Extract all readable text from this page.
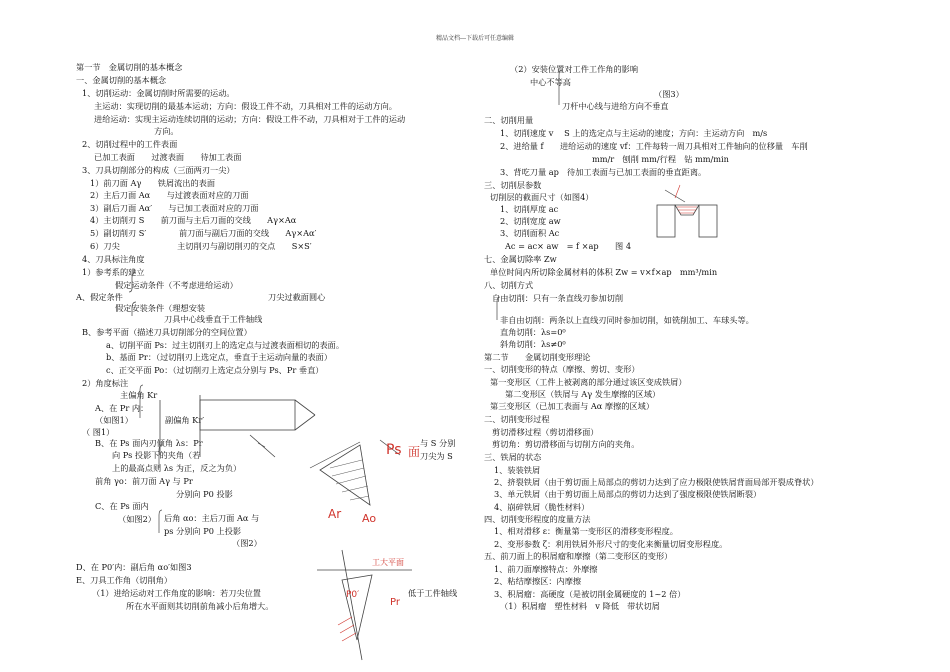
精品文档---下载后可任意编辑
第一节　金属切削的基本概念
一、金属切削的基本概念
1、切削运动：金属切削时所需要的运动。
主运动：实现切削的最基本运动；方向：假设工件不动，刀具相对工件的运动方向。
进给运动：实现主运动连续切削的运动；方向：假设工件不动，刀具相对于工件的运动
方向。
2、切削过程中的工件表面
已加工表面　　过渡表面　　待加工表面
3、刀具切削部分的构成（三面两刃一尖）
1）前刀面 Aγ　　铁屑流出的表面
2）主后刀面 Aα　　与过渡表面对应的刀面
3）副后刀面 Aα′　　与已加工表面对应的刀面
4）主切削刃 S　　前刀面与主后刀面的交线　　Aγ×Aα
5）副切削刃 S′　　　　前刀面与副后刀面的交线　　Aγ×Aα′
6）刀尖　　　　　　　主切削刃与副切削刃的交点　　S×S′
4、刀具标注角度
1）参考系的建立
假定运动条件（不考虑进给运动）
刀尖过截面圆心
A、假定条件
假定安装条件（理想安装
刀具中心线垂直于工件轴线
B、参考平面（描述刀具切削部分的空间位置）
a、切削平面 Ps：过主切削刃上的选定点与过渡表面相切的表面。
b、基面 Pr：（过切削刃上选定点，垂直于主运动向量的表面）
c、正交平面 Po：（过切削刃上选定点分别与 Ps、Pr 垂直）
2）角度标注
主偏角 Kr
A、在 Pr 内：
（如图1）	副偏角 Kr′
（ 图1）
B、在 Ps 面内刃倾角 λs：Pr	与 S 分别
向 Ps 投影下的夹角（若	刀尖为 S
上的最高点则 λs 为正，反之为负）
前角 γo：前刀面 Aγ 与 Pr
分别向 P0 投影
C、在 Ps 面内
后角 αo：主后刀面 Aα 与
（如图2）
ps 分别向 P0 上投影
（图2）
D、在 P0′内：副后角 αo′如图3
E、刀具工作角（切削角）
（1）进给运动对工作角度的影响：若刀尖位置	低于工件轴线
所在水平面则其切削前角减小后角增大。
（2）安装位置对工件工作角的影响
中心不等高
（图3）
刀杆中心线与进给方向不垂直
二、切削用量
1、切削速度 v　 S 上的选定点与主运动的速度；方向：主运动方向　m/s
2、进给量 f　　进给运动的速度 vf：工件每转一周刀具相对工件轴向的位移量　车削
mm/r　刨削 mm/行程　钻 mm/min
3、背吃刀量 ap　待加工表面与已加工表面的垂直距离。
三、切削层参数
切削层的截面尺寸（如图4）
1、切削厚度 ac
2、切削宽度 aw
3、切削面积 Ac
Ac = ac× aw　= f ×ap　　图 4
七、金属切除率 Zw
单位时间内所切除金属材料的体积 Zw = v×f×ap　mm³/min
八、切削方式
自由切削：只有一条直线刃参加切削
非自由切削：两条以上直线刃同时参加切削，如铣削加工、车球头等。
直角切削：λs=0⁰
斜角切削：λs≠0⁰
第二节　　金属切削变形理论
一、切削变形的特点（摩擦、剪切、变形）
第一变形区（工件上被剥离的部分通过该区变成铁屑）
第二变形区（铁屑与 Aγ 发生摩擦的区域）
第三变形区（已加工表面与 Aα 摩擦的区域）
二、切削变形过程
剪切滑移过程（剪切滑移面）
剪切角：剪切滑移面与切削方向的夹角。
三、铁屑的状态
1、装装铁屑
2、挤裂铁屑（由于剪切面上局部点的剪切力达到了应力极限使铁屑背面局部开裂成脊状）
3、单元铁屑（由于剪切面上局部点的剪切力达到了强度极限使铁屑断裂）
4、崩碎铁屑（脆性材料）
四、切削变形程度的度量方法
1、相对滑移 ε：衡量第一变形区的滑移变形程度。
2、变形参数 ζ：利用铁屑外形尺寸的变化来衡量切屑变形程度。
五、前刀面上的积屑瘤和摩擦（第二变形区的变形）
1、前刀面摩擦特点：外摩擦
2、粘结摩擦区：内摩擦
3、积屑瘤：高硬度（是被切削金属硬度的 1~2 倍）
（1）积屑瘤　塑性材料　v 降低　带状切屑
Ps 面
Ar Ao
工大平面
P0′
Pr
